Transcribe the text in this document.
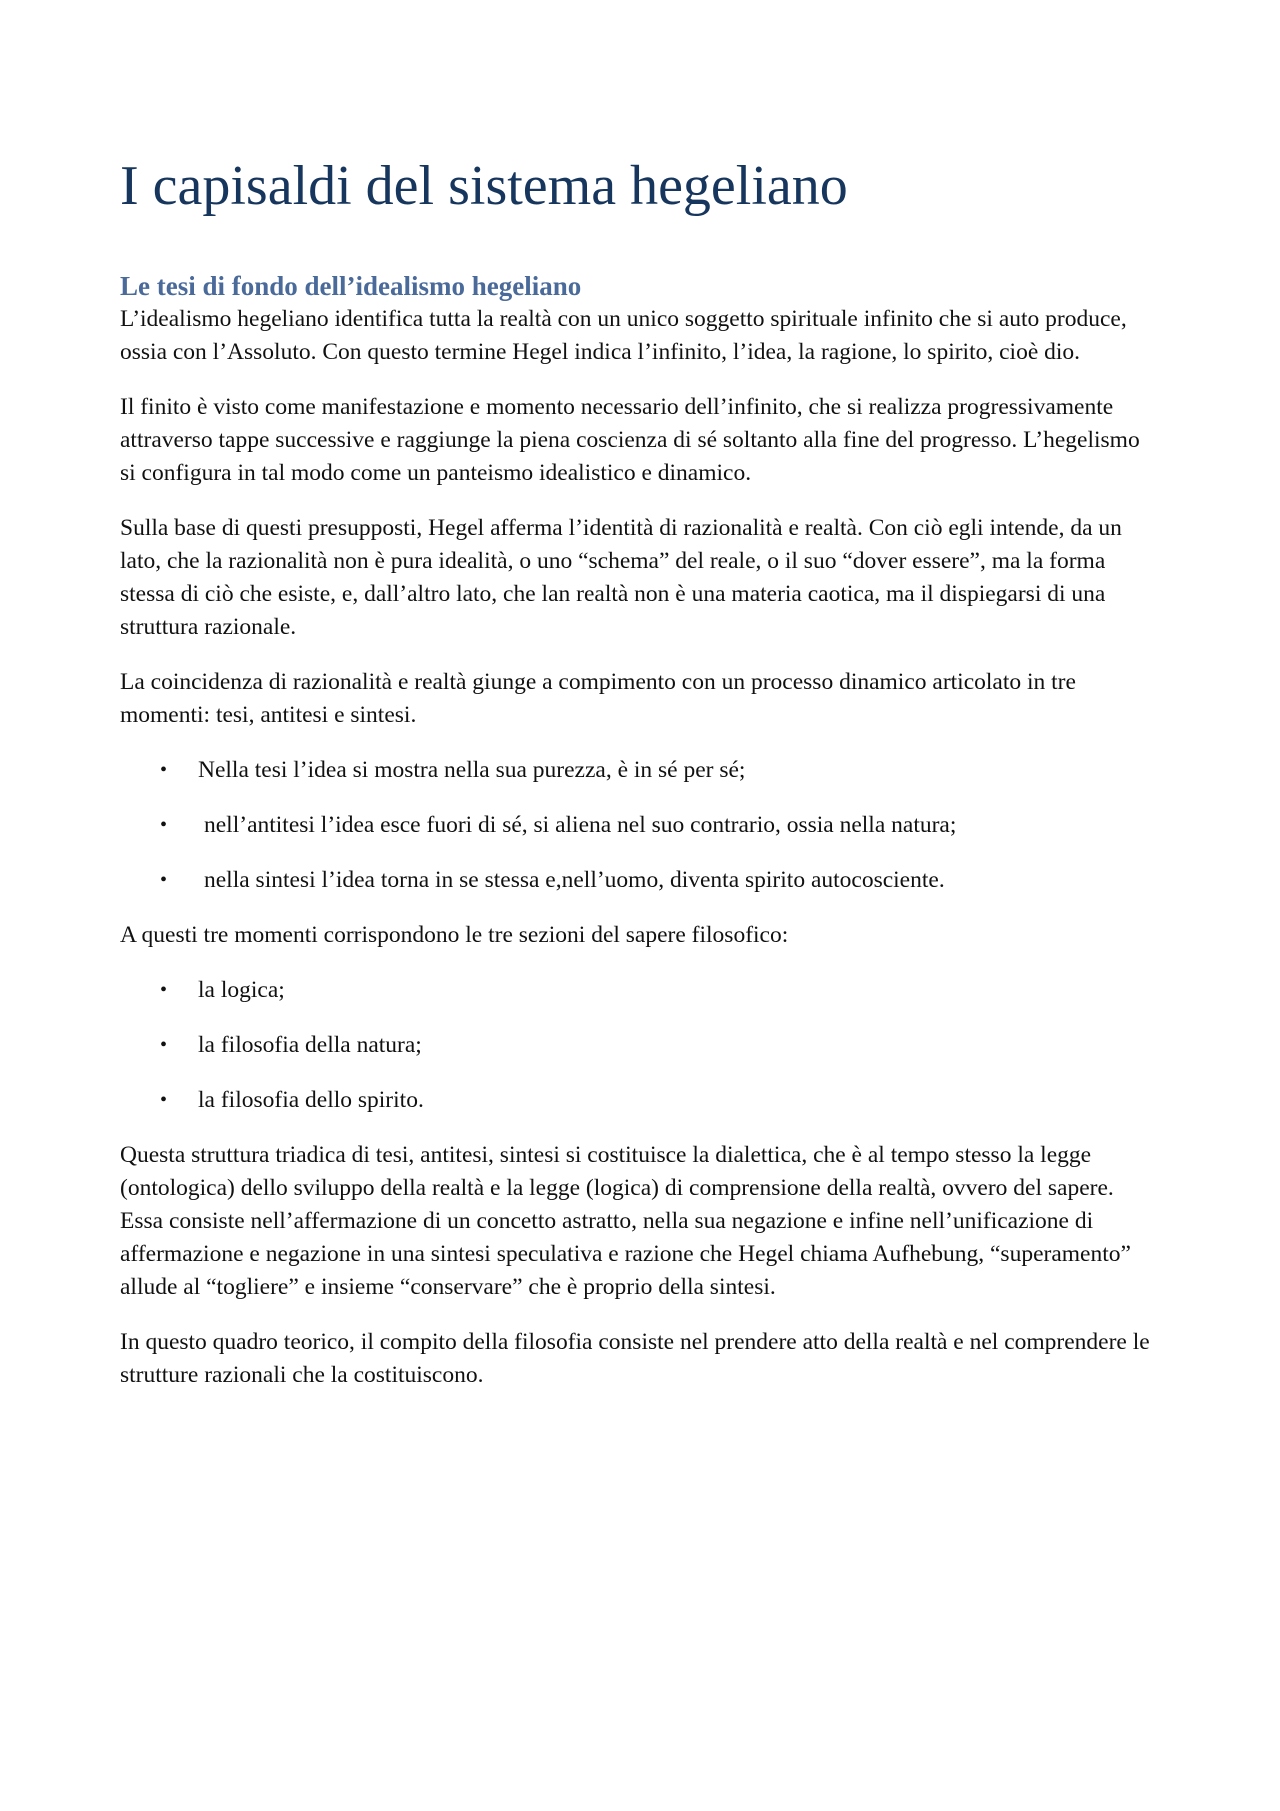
I capisaldi del sistema hegeliano
Le tesi di fondo dell’idealismo hegeliano

L’idealismo hegeliano identifica tutta la realtà con un unico soggetto spirituale infinito che si auto produce, ossia con l’Assoluto. Con questo termine Hegel indica l’infinito, l’idea, la ragione, lo spirito, cioè dio.

Il finito è visto come manifestazione e momento necessario dell’infinito, che si realizza progressivamente attraverso tappe successive e raggiunge la piena coscienza di sé soltanto alla fine del progresso. L’hegelismo si configura in tal modo come un panteismo idealistico e dinamico.

Sulla base di questi presupposti, Hegel afferma l’identità di razionalità e realtà. Con ciò egli intende, da un lato, che la razionalità non è pura idealità, o uno “schema” del reale, o il suo “dover essere”, ma la forma stessa di ciò che esiste, e, dall’altro lato, che lan realtà non è una materia caotica, ma il dispiegarsi di una struttura razionale.

La coincidenza di razionalità e realtà giunge a compimento con un processo dinamico articolato in tre momenti: tesi, antitesi e sintesi.

•	Nella tesi l’idea si mostra nella sua purezza, è in sé per sé;
•	nell’antitesi l’idea esce fuori di sé, si aliena nel suo contrario, ossia nella natura;
•	nella sintesi l’idea torna in se stessa e,nell’uomo, diventa spirito autocosciente.

A questi tre momenti corrispondono le tre sezioni del sapere filosofico:

•	la logica;
•	la filosofia della natura;
•	la filosofia dello spirito.

Questa struttura triadica di tesi, antitesi, sintesi si costituisce la dialettica, che è al tempo stesso la legge (ontologica) dello sviluppo della realtà e la legge (logica) di comprensione della realtà, ovvero del sapere. Essa consiste nell’affermazione di un concetto astratto, nella sua negazione e infine nell’unificazione di affermazione e negazione in una sintesi speculativa e razione che Hegel chiama Aufhebung, “superamento” allude al “togliere” e insieme “conservare” che è proprio della sintesi.

In questo quadro teorico, il compito della filosofia consiste nel prendere atto della realtà e nel comprendere le strutture razionali che la costituiscono.
